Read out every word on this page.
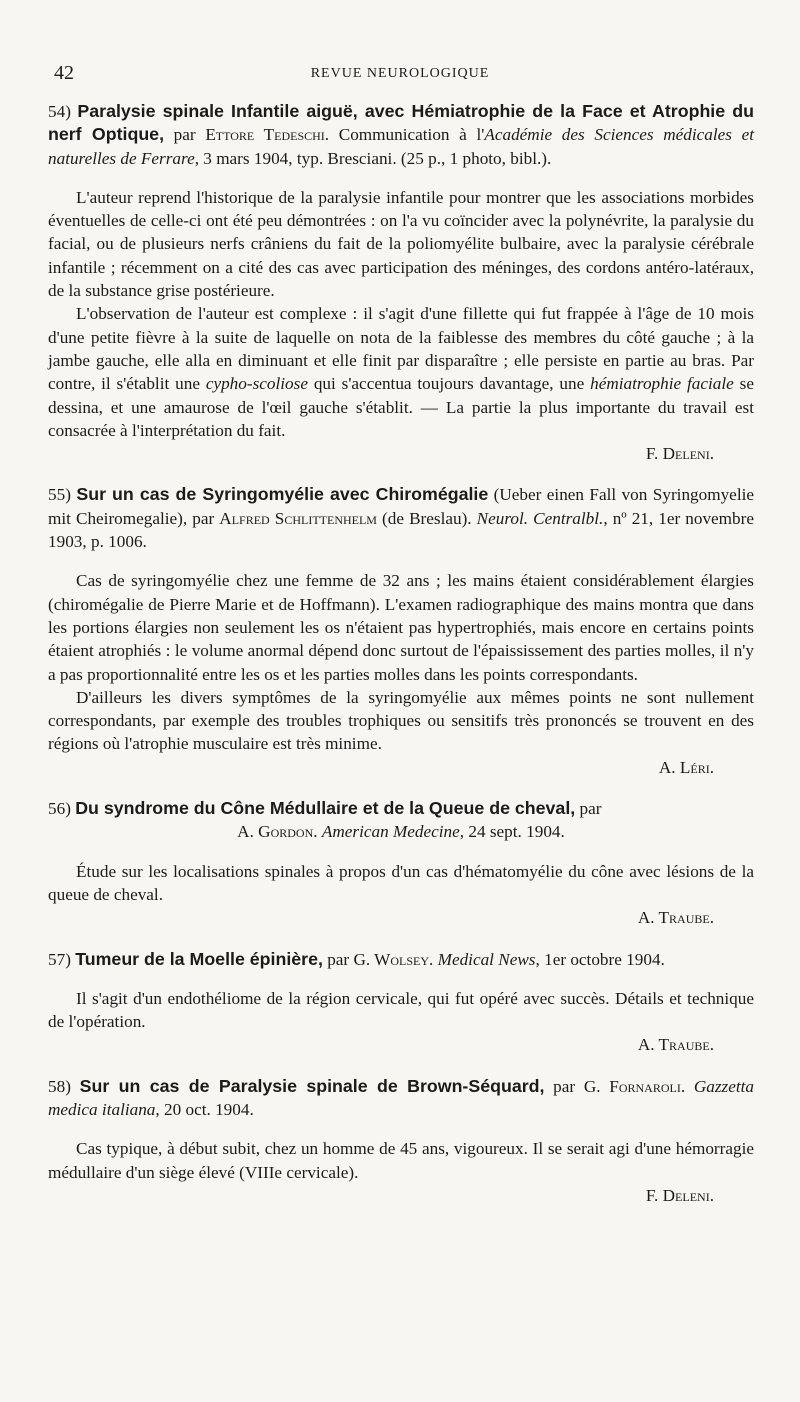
42	REVUE NEUROLOGIQUE

54) Paralysie spinale Infantile aiguë, avec Hémiatrophie de la Face et Atrophie du nerf Optique, par Ettore Tedeschi. Communication à l'Académie des Sciences médicales et naturelles de Ferrare, 3 mars 1904, typ. Bresciani. (25 p., 1 photo, bibl.).

L'auteur reprend l'historique de la paralysie infantile pour montrer que les associations morbides éventuelles de celle-ci ont été peu démontrées : on l'a vu coïncider avec la polynévrite, la paralysie du facial, ou de plusieurs nerfs crâniens du fait de la poliomyélite bulbaire, avec la paralysie cérébrale infantile ; récemment on a cité des cas avec participation des méninges, des cordons antéro-latéraux, de la substance grise postérieure.

L'observation de l'auteur est complexe : il s'agit d'une fillette qui fut frappée à l'âge de 10 mois d'une petite fièvre à la suite de laquelle on nota de la faiblesse des membres du côté gauche ; à la jambe gauche, elle alla en diminuant et elle finit par disparaître ; elle persiste en partie au bras. Par contre, il s'établit une cypho-scoliose qui s'accentua toujours davantage, une hémiatrophie faciale se dessina, et une amaurose de l'œil gauche s'établit. — La partie la plus importante du travail est consacrée à l'interprétation du fait.

F. Deleni.

55) Sur un cas de Syringomyélie avec Chiromégalie (Ueber einen Fall von Syringomyelie mit Cheiromegalie), par Alfred Schlittenhelm (de Breslau). Neurol. Centralbl., nº 21, 1er novembre 1903, p. 1006.

Cas de syringomyélie chez une femme de 32 ans ; les mains étaient considérablement élargies (chiromégalie de Pierre Marie et de Hoffmann). L'examen radiographique des mains montra que dans les portions élargies non seulement les os n'étaient pas hypertrophiés, mais encore en certains points étaient atrophiés : le volume anormal dépend donc surtout de l'épaississement des parties molles, il n'y a pas proportionnalité entre les os et les parties molles dans les points correspondants.

D'ailleurs les divers symptômes de la syringomyélie aux mêmes points ne sont nullement correspondants, par exemple des troubles trophiques ou sensitifs très prononcés se trouvent en des régions où l'atrophie musculaire est très minime.

A. Léri.

56) Du syndrome du Cône Médullaire et de la Queue de cheval, par

A. Gordon. American Medecine, 24 sept. 1904.

Étude sur les localisations spinales à propos d'un cas d'hématomyélie du cône avec lésions de la queue de cheval.

A. Traube.

57) Tumeur de la Moelle épinière, par G. Wolsey. Medical News, 1er octobre 1904.

Il s'agit d'un endothéliome de la région cervicale, qui fut opéré avec succès. Détails et technique de l'opération.

A. Traube.

58) Sur un cas de Paralysie spinale de Brown-Séquard, par G. Fornaroli. Gazzetta medica italiana, 20 oct. 1904.

Cas typique, à début subit, chez un homme de 45 ans, vigoureux. Il se serait agi d'une hémorragie médullaire d'un siège élevé (VIIIe cervicale).

F. Deleni.
